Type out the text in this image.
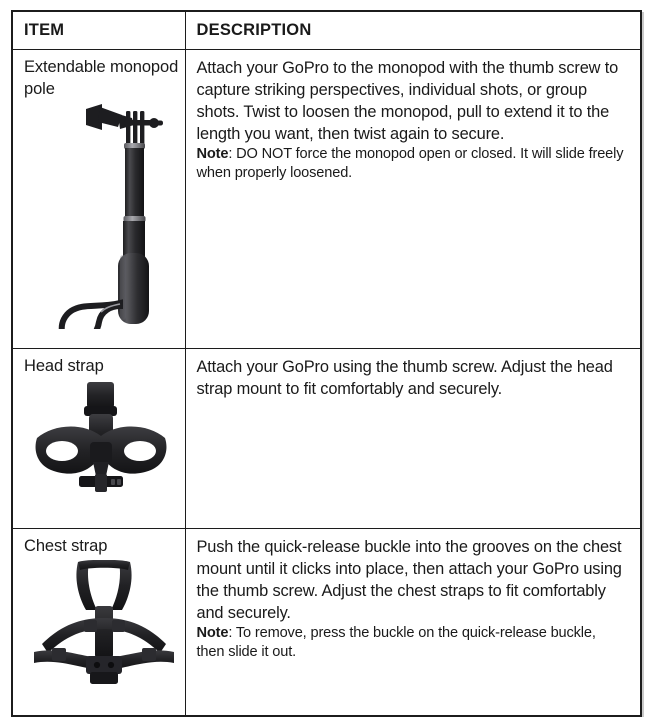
ITEM	DESCRIPTION

Extendable monopod pole	Attach your GoPro to the monopod with the thumb screw to capture striking perspectives, individual shots, or group shots. Twist to loosen the monopod, pull to extend it to the length you want, then twist again to secure.

Note: DO NOT force the monopod open or closed. It will slide freely when properly loosened.

Head strap	Attach your GoPro using the thumb screw. Adjust the head strap mount to fit comfortably and securely.

Chest strap	Push the quick-release buckle into the grooves on the chest mount until it clicks into place, then attach your GoPro using the thumb screw. Adjust the chest straps to fit comfortably and securely.

Note: To remove, press the buckle on the quick-release buckle, then slide it out.
